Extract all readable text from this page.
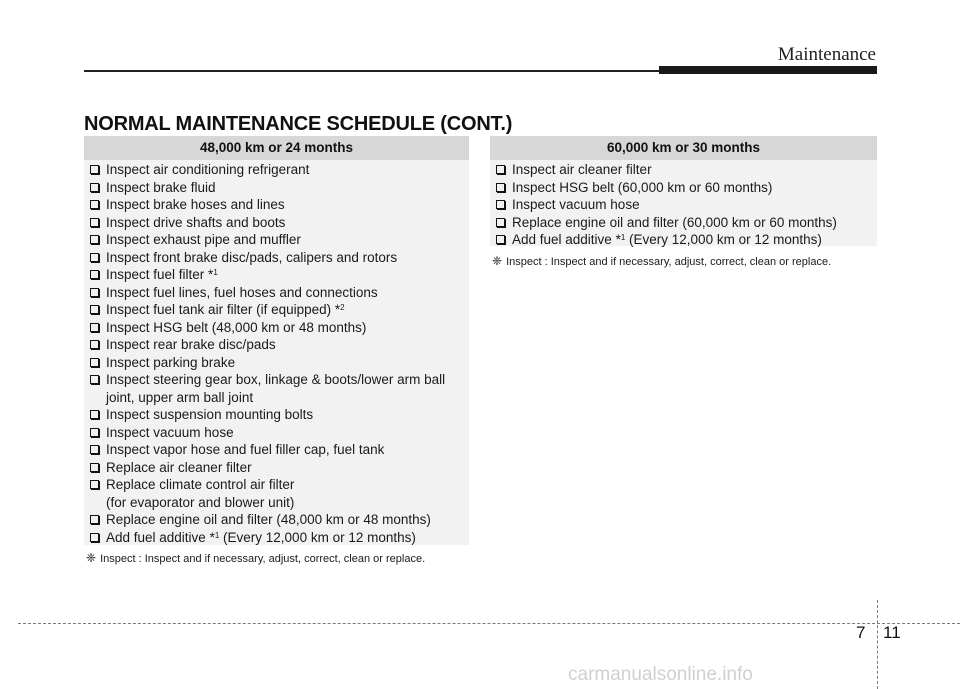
Maintenance
NORMAL MAINTENANCE SCHEDULE (CONT.)
48,000 km or 24 months
Inspect air conditioning refrigerant
Inspect brake fluid
Inspect brake hoses and lines
Inspect drive shafts and boots
Inspect exhaust pipe and muffler
Inspect front brake disc/pads, calipers and rotors
Inspect fuel filter *$^1$
Inspect fuel lines, fuel hoses and connections
Inspect fuel tank air filter (if equipped) *$^2$
Inspect HSG belt (48,000 km or 48 months)
Inspect rear brake disc/pads
Inspect parking brake
Inspect steering gear box, linkage & boots/lower arm ball
joint, upper arm ball joint
Inspect suspension mounting bolts
Inspect vacuum hose
Inspect vapor hose and fuel filler cap, fuel tank
Replace air cleaner filter
Replace climate control air filter
(for evaporator and blower unit)
Replace engine oil and filter (48,000 km or 48 months)
Add fuel additive *$^1$ (Every 12,000 km or 12 months)
❈ Inspect : Inspect and if necessary, adjust, correct, clean or replace.
60,000 km or 30 months
Inspect air cleaner filter
Inspect HSG belt (60,000 km or 60 months)
Inspect vacuum hose
Replace engine oil and filter (60,000 km or 60 months)
Add fuel additive *$^1$ (Every 12,000 km or 12 months)
❈ Inspect : Inspect and if necessary, adjust, correct, clean or replace.
7 11
carmanualsonline.info
